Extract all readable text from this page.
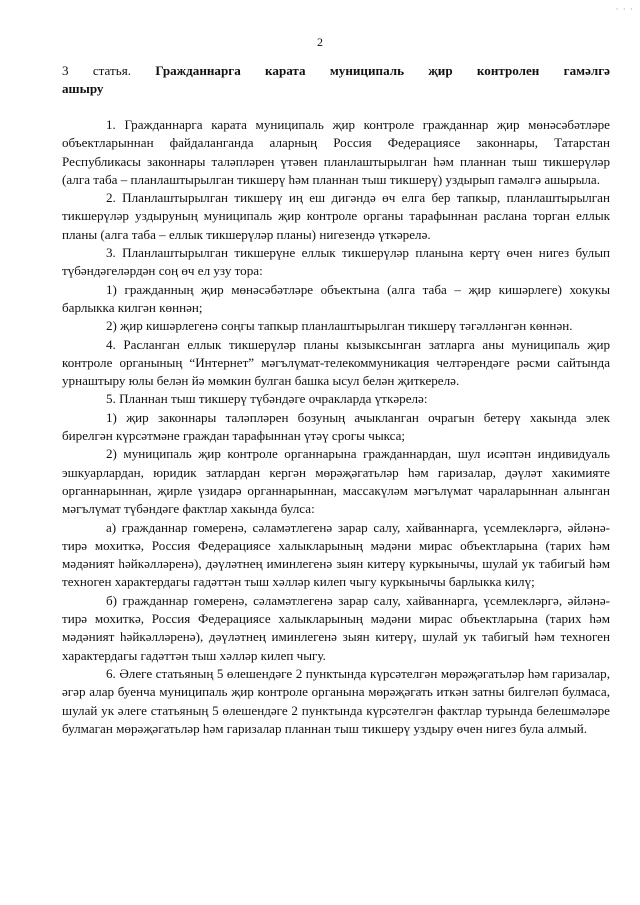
· · ·
2
3 статья. Гражданнарга карата муниципаль җир контролен гамәлгә
ашыру

1. Гражданнарга карата муниципаль җир контроле гражданнар җир мөнәсәбәтләре объектларыннан файдаланганда аларның Россия Федерациясе законнары, Татарстан Республикасы законнары таләпләрен үтәвен планлаштырылган һәм планнан тыш тикшерүләр (алга таба – планлаштырылган тикшерү һәм планнан тыш тикшерү) уздырып гамәлгә ашырыла.

2. Планлаштырылган тикшерү иң еш дигәндә өч елга бер тапкыр, планлаштырылган тикшерүләр уздыруның муниципаль җир контроле органы тарафыннан раслана торган еллык планы (алга таба – еллык тикшерүләр планы) нигезендә үткәрелә.

3. Планлаштырылган тикшерүне еллык тикшерүләр планына кертү өчен нигез булып түбәндәгеләрдән соң өч ел узу тора:

1) гражданның җир мөнәсәбәтләре объектына (алга таба – җир кишәрлеге) хокукы барлыкка килгән көннән;

2) җир кишәрлегенә соңгы тапкыр планлаштырылган тикшерү тәгәлләнгән көннән.

4. Расланган еллык тикшерүләр планы кызыксынган затларга аны муниципаль җир контроле органының “Интернет” мәгълүмат-телекоммуникация челтәрендәге рәсми сайтында урнаштыру юлы белән йә мөмкин булган башка ысул белән җиткерелә.

5. Планнан тыш тикшерү түбәндәге очракларда үткәрелә:

1) җир законнары таләпләрен бозуның ачыкланган очрагын бетерү хакында элек бирелгән күрсәтмәне граждан тарафыннан үтәү срогы чыкса;

2) муниципаль җир контроле органнарына гражданнардан, шул исәптән индивидуаль эшкуарлардан, юридик затлардан кергән мөрәҗәгатьләр һәм гаризалар, дәүләт хакимияте органнарыннан, җирле үзидарә органнарыннан, массакүләм мәгълүмат чараларыннан алынган мәгълүмат түбәндәге фактлар хакында булса:

а) гражданнар гомеренә, сәламәтлегенә зарар салу, хайваннарга, үсемлекләргә, әйләнә-тирә мохиткә, Россия Федерациясе халыкларының мәдәни мирас объектларына (тарих һәм мәдәният һәйкәлләренә), дәүләтнең иминлегенә зыян китерү куркынычы, шулай ук табигый һәм техноген характердагы гадәттән тыш хәлләр килеп чыгу куркынычы барлыкка килү;

б) гражданнар гомеренә, сәламәтлегенә зарар салу, хайваннарга, үсемлекләргә, әйләнә-тирә мохиткә, Россия Федерациясе халыкларының мәдәни мирас объектларына (тарих һәм мәдәният һәйкәлләренә), дәүләтнең иминлегенә зыян китерү, шулай ук табигый һәм техноген характердагы гадәттән тыш хәлләр килеп чыгу.

6. Әлеге статьяның 5 өлешендәге 2 пунктында күрсәтелгән мөрәҗәгатьләр һәм гаризалар, әгәр алар буенча муниципаль җир контроле органына мөрәҗәгать иткән затны билгеләп булмаса, шулай ук әлеге статьяның 5 өлешендәге 2 пунктында күрсәтелгән фактлар турында белешмәләре булмаган мөрәҗәгатьләр һәм гаризалар планнан тыш тикшерү уздыру өчен нигез була алмый.
